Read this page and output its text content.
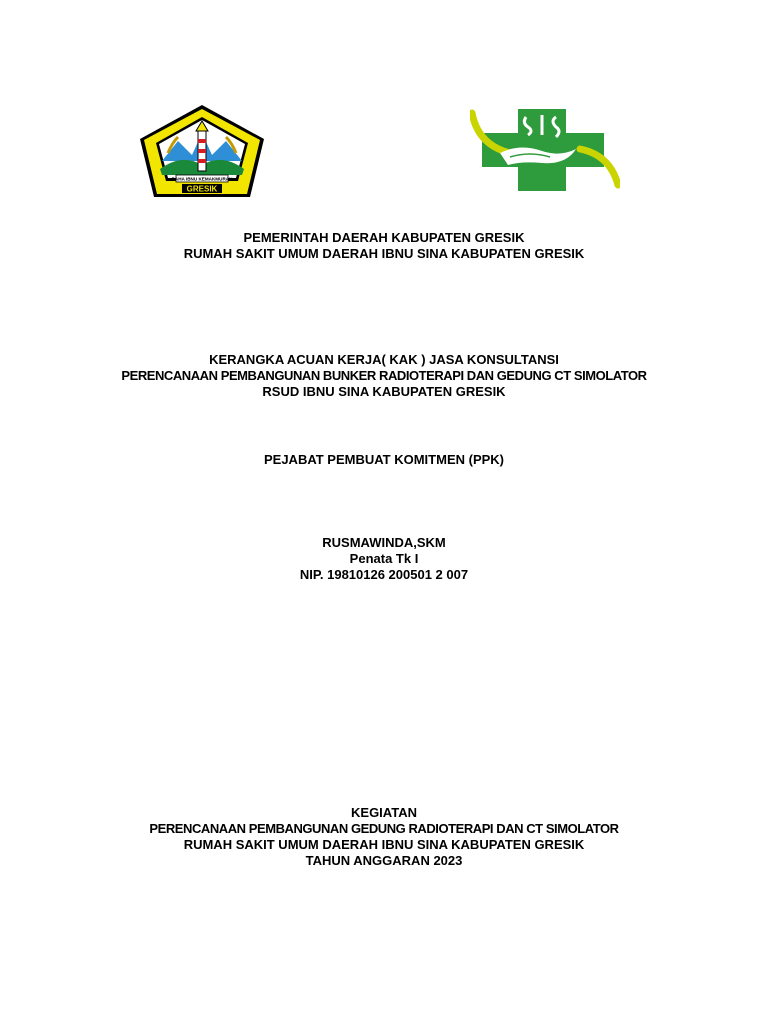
BAHA IBNU KEMAKMURAN
GRESIK
PEMERINTAH DAERAH KABUPATEN GRESIK
RUMAH SAKIT UMUM DAERAH IBNU SINA KABUPATEN GRESIK
KERANGKA ACUAN KERJA( KAK ) JASA KONSULTANSI
PERENCANAAN PEMBANGUNAN BUNKER RADIOTERAPI DAN GEDUNG CT SIMOLATOR
RSUD IBNU SINA KABUPATEN GRESIK
PEJABAT PEMBUAT KOMITMEN (PPK)
RUSMAWINDA,SKM
Penata Tk I
NIP. 19810126 200501 2 007
KEGIATAN
PERENCANAAN PEMBANGUNAN GEDUNG RADIOTERAPI DAN CT SIMOLATOR
RUMAH SAKIT UMUM DAERAH IBNU SINA KABUPATEN GRESIK
TAHUN ANGGARAN 2023
